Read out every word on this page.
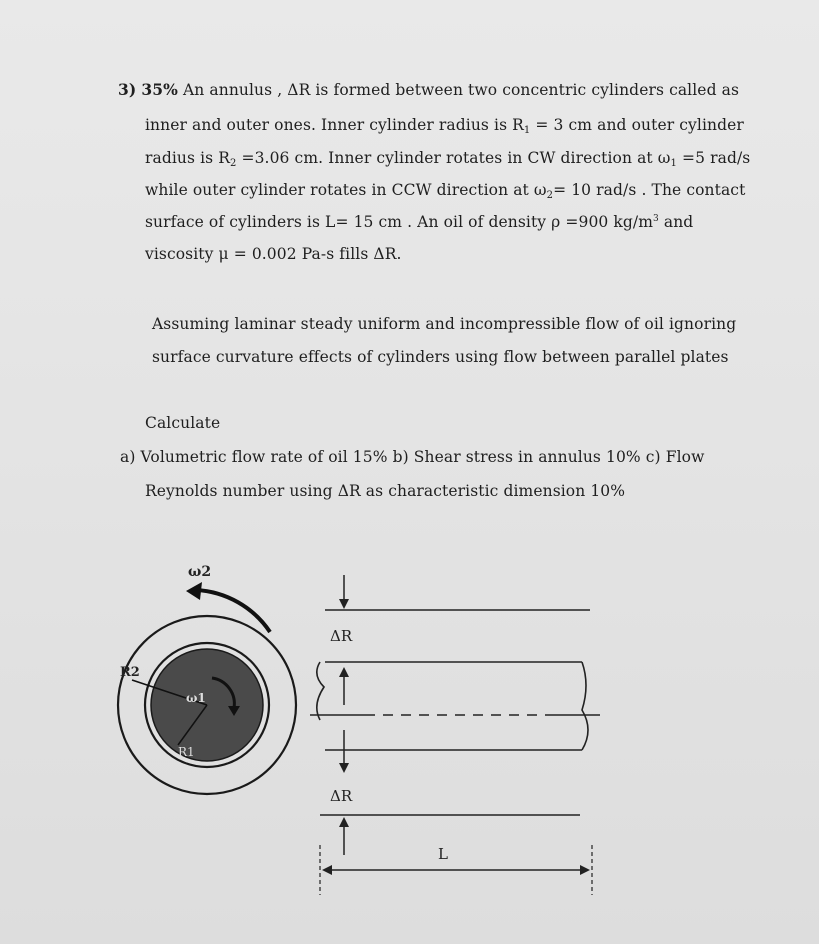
3) 35% An annulus , ΔR is formed between two concentric cylinders called as
inner and outer ones. Inner cylinder radius is $R_1 = 3$ cm and outer cylinder
radius is $R_2 =3.06$ cm. Inner cylinder rotates in CW direction at $\omega_1 =5$ rad/s
while outer cylinder rotates in CCW direction at $\omega_2= 10$ rad/s . The contact
surface of cylinders is L= 15 cm . An oil of density ρ =900 $kg/m^3$ and
viscosity μ = 0.002 Pa-s fills ΔR.
Assuming laminar steady uniform and incompressible flow of oil ignoring
surface curvature effects of cylinders using flow between parallel plates
Calculate
a) Volumetric flow rate of oil 15% b) Shear stress in annulus 10% c) Flow
Reynolds number using ΔR as characteristic dimension 10%
ω2
ω1
R2
R1
ΔR
ΔR
L
